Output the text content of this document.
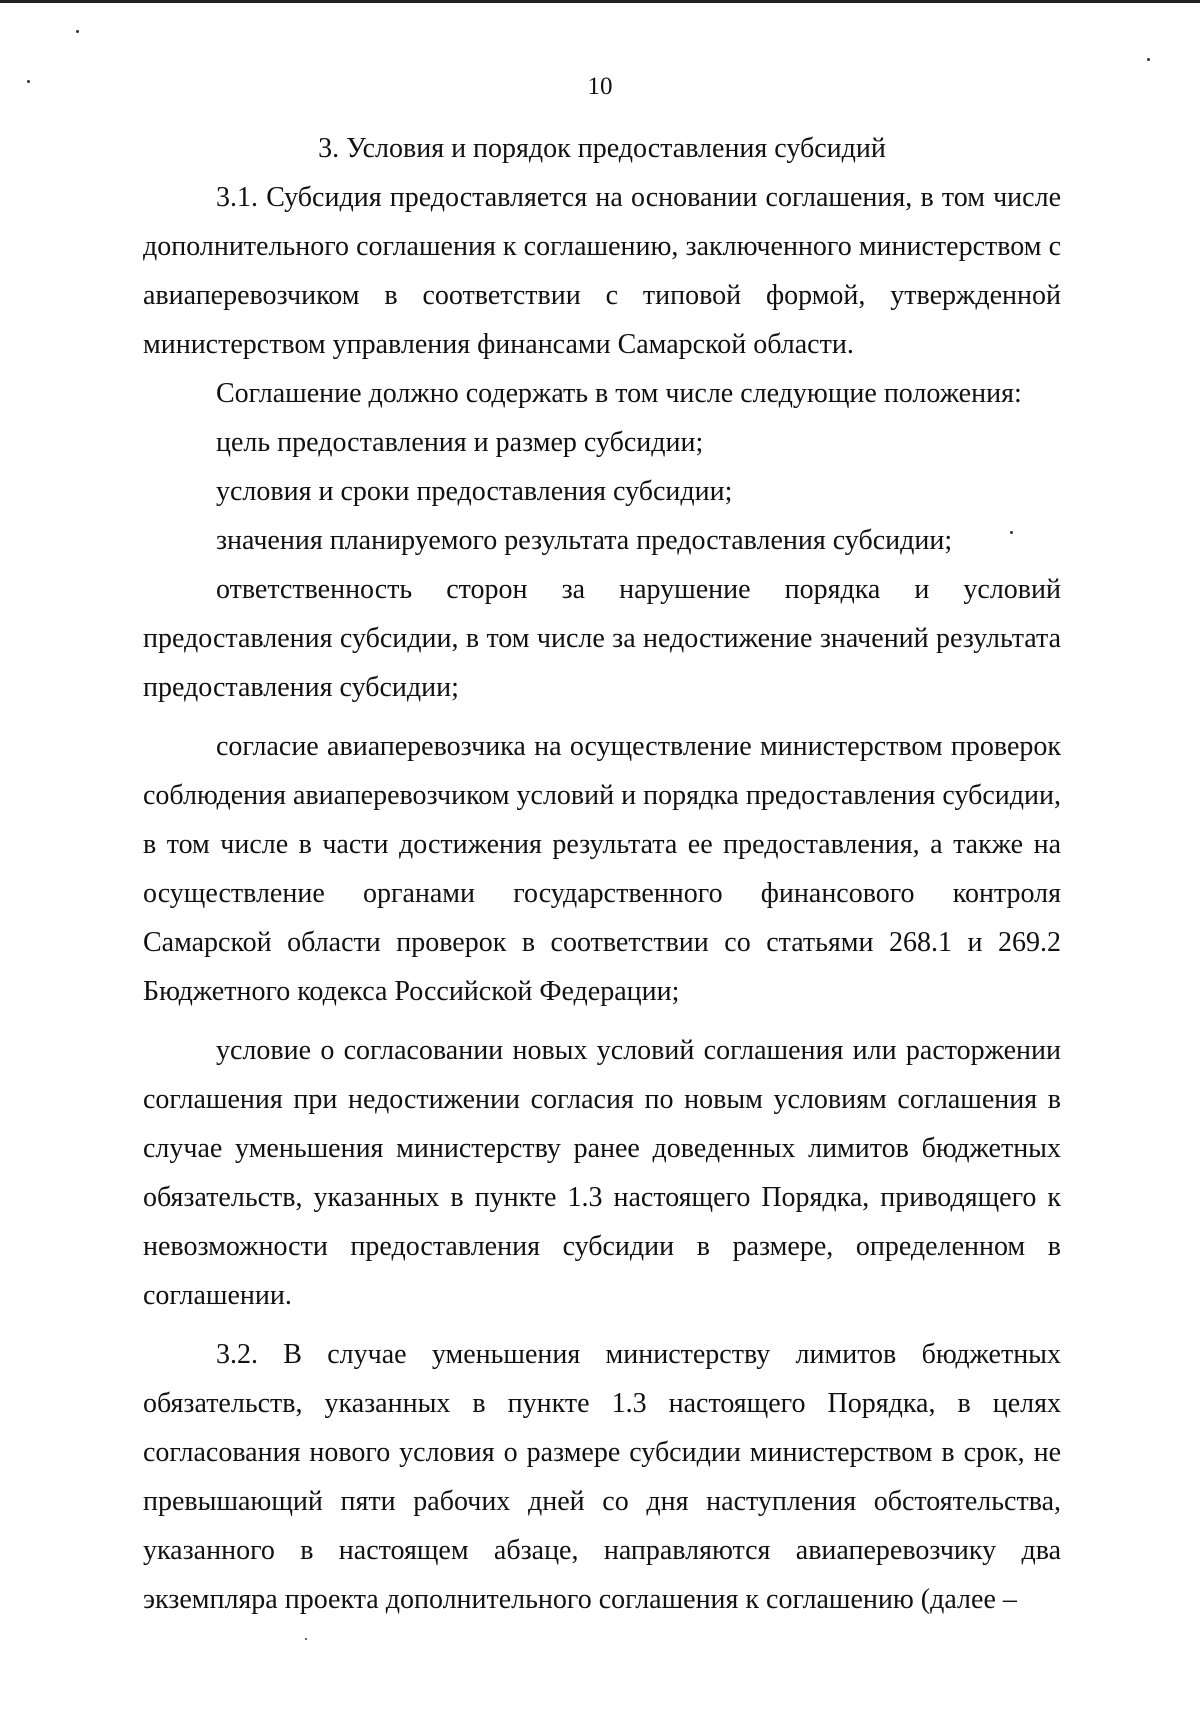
10

3. Условия и порядок предоставления субсидий

3.1. Субсидия предоставляется на основании соглашения, в том числе дополнительного соглашения к соглашению, заключенного министерством с авиаперевозчиком в соответствии с типовой формой, утвержденной министерством управления финансами Самарской области.

Соглашение должно содержать в том числе следующие положения:

цель предоставления и размер субсидии;

условия и сроки предоставления субсидии;

значения планируемого результата предоставления субсидии;

ответственность сторон за нарушение порядка и условий предоставления субсидии, в том числе за недостижение значений результата предоставления субсидии;

согласие авиаперевозчика на осуществление министерством проверок соблюдения авиаперевозчиком условий и порядка предоставления субсидии, в том числе в части достижения результата ее предоставления, а также на осуществление органами государственного финансового контроля Самарской области проверок в соответствии со статьями 268.1 и 269.2 Бюджетного кодекса Российской Федерации;

условие о согласовании новых условий соглашения или расторжении соглашения при недостижении согласия по новым условиям соглашения в случае уменьшения министерству ранее доведенных лимитов бюджетных обязательств, указанных в пункте 1.3 настоящего Порядка, приводящего к невозможности предоставления субсидии в размере, определенном в соглашении.

3.2. В случае уменьшения министерству лимитов бюджетных обязательств, указанных в пункте 1.3 настоящего Порядка, в целях согласования нового условия о размере субсидии министерством в срок, не превышающий пяти рабочих дней со дня наступления обстоятельства, указанного в настоящем абзаце, направляются авиаперевозчику два экземпляра проекта дополнительного соглашения к соглашению (далее –
